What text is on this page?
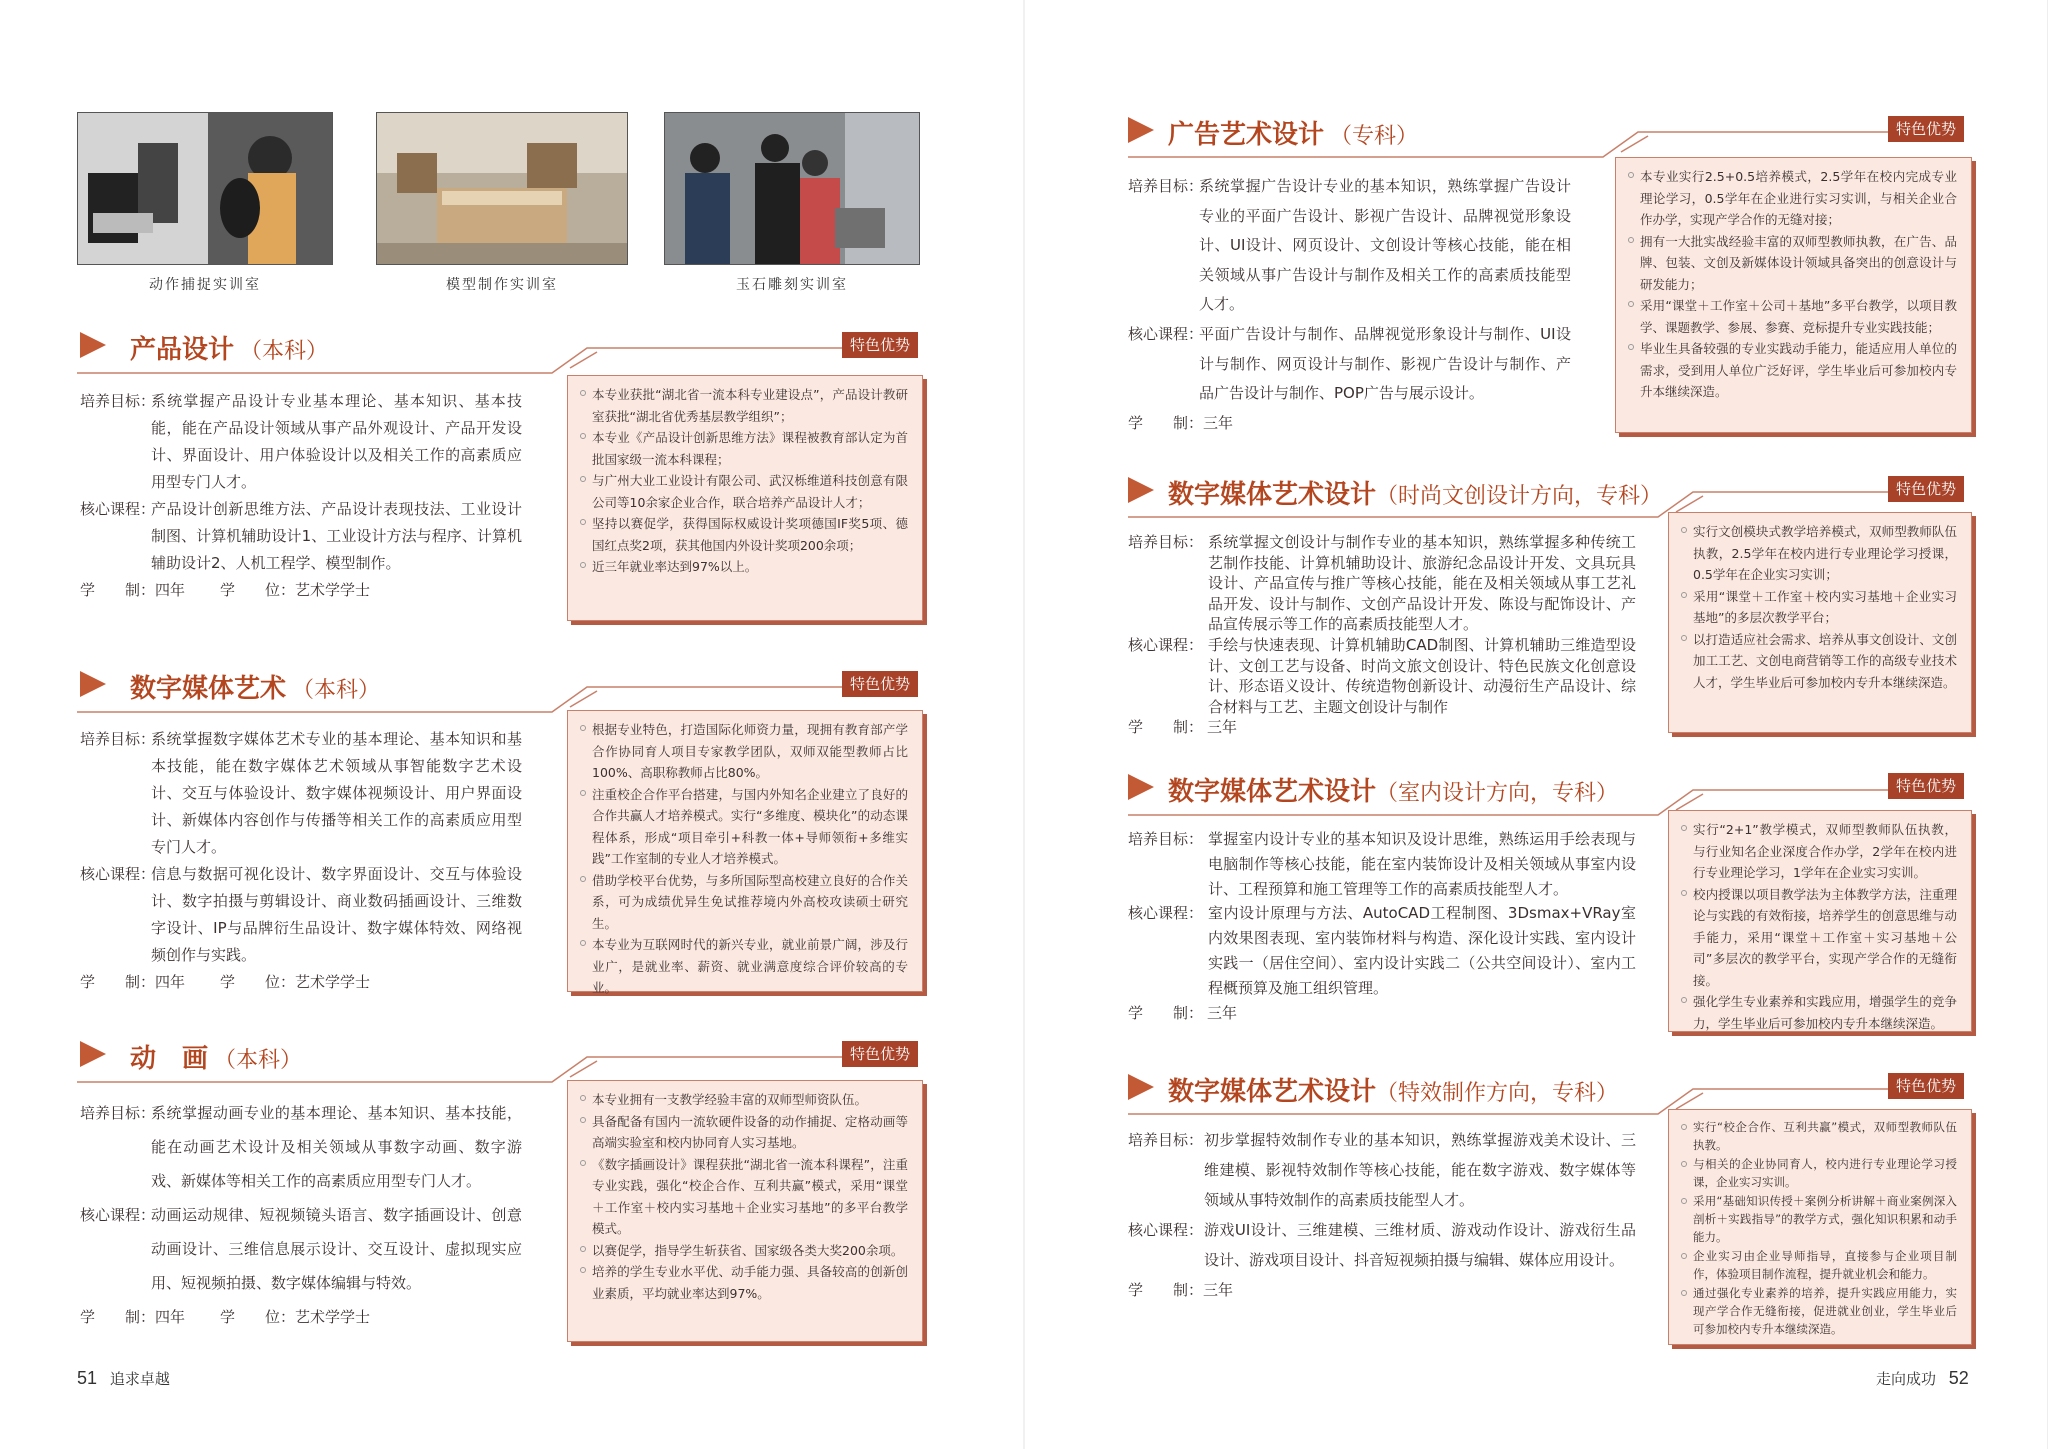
动作捕捉实训室	模型制作实训室	玉石雕刻实训室
产品设计 （本科）	特色优势
培养目标：
系统掌握产品设计专业基本理论、基本知识、基本技能，能在产品设计领域从事产品外观设计、产品开发设计、界面设计、用户体验设计以及相关工作的高素质应用型专门人才。
核心课程：
产品设计创新思维方法、产品设计表现技法、工业设计制图、计算机辅助设计1、工业设计方法与程序、计算机辅助设计2、人机工程学、模型制作。
学　　制： 四年 学　　位： 艺术学学士
本专业获批“湖北省一流本科专业建设点”，产品设计教研室获批“湖北省优秀基层教学组织”；
本专业《产品设计创新思维方法》课程被教育部认定为首批国家级一流本科课程；
与广州大业工业设计有限公司、武汉栎维道科技创意有限公司等10余家企业合作，联合培养产品设计人才；
坚持以赛促学，获得国际权威设计奖项德国IF奖5项、德国红点奖2项，获其他国内外设计奖项200余项；
近三年就业率达到97%以上。
数字媒体艺术 （本科）	特色优势
培养目标：
系统掌握数字媒体艺术专业的基本理论、基本知识和基本技能，能在数字媒体艺术领域从事智能数字艺术设计、交互与体验设计、数字媒体视频设计、用户界面设计、新媒体内容创作与传播等相关工作的高素质应用型专门人才。
核心课程：
信息与数据可视化设计、数字界面设计、交互与体验设计、数字拍摄与剪辑设计、商业数码插画设计、三维数字设计、IP与品牌衍生品设计、数字媒体特效、网络视频创作与实践。
学　　制： 四年 学　　位： 艺术学学士
根据专业特色，打造国际化师资力量，现拥有教育部产学合作协同育人项目专家教学团队，双师双能型教师占比100%、高职称教师占比80%。
注重校企合作平台搭建，与国内外知名企业建立了良好的合作共赢人才培养模式。实行“多维度、模块化”的动态课程体系，形成“项目牵引+科教一体+导师领衔+多维实践”工作室制的专业人才培养模式。
借助学校平台优势，与多所国际型高校建立良好的合作关系，可为成绩优异生免试推荐境内外高校攻读硕士研究生。
本专业为互联网时代的新兴专业，就业前景广阔，涉及行业广，是就业率、薪资、就业满意度综合评价较高的专业。
动　画 （本科）	特色优势
培养目标：
系统掌握动画专业的基本理论、基本知识、基本技能，能在动画艺术设计及相关领域从事数字动画、数字游戏、新媒体等相关工作的高素质应用型专门人才。
核心课程：
动画运动规律、短视频镜头语言、数字插画设计、创意动画设计、三维信息展示设计、交互设计、虚拟现实应用、短视频拍摄、数字媒体编辑与特效。
学　　制： 四年 学　　位： 艺术学学士
本专业拥有一支教学经验丰富的双师型师资队伍。
具备配备有国内一流软硬件设备的动作捕捉、定格动画等高端实验室和校内协同育人实习基地。
《数字插画设计》课程获批“湖北省一流本科课程”，注重专业实践，强化“校企合作、互利共赢”模式，采用“课堂＋工作室＋校内实习基地＋企业实习基地”的多平台教学模式。
以赛促学，指导学生斩获省、国家级各类大奖200余项。
培养的学生专业水平优、动手能力强、具备较高的创新创业素质，平均就业率达到97%。
51 追求卓越
广告艺术设计 （专科）	特色优势
培养目标：
系统掌握广告设计专业的基本知识，熟练掌握广告设计专业的平面广告设计、影视广告设计、品牌视觉形象设计、UI设计、网页设计、文创设计等核心技能，能在相关领域从事广告设计与制作及相关工作的高素质技能型人才。
核心课程：
平面广告设计与制作、品牌视觉形象设计与制作、UI设计与制作、网页设计与制作、影视广告设计与制作、产品广告设计与制作、POP广告与展示设计。
学　　制： 三年
本专业实行2.5+0.5培养模式，2.5学年在校内完成专业理论学习，0.5学年在企业进行实习实训，与相关企业合作办学，实现产学合作的无缝对接；
拥有一大批实战经验丰富的双师型教师执教，在广告、品牌、包装、文创及新媒体设计领域具备突出的创意设计与研发能力；
采用“课堂＋工作室＋公司＋基地”多平台教学，以项目教学、课题教学、参展、参赛、竞标提升专业实践技能；
毕业生具备较强的专业实践动手能力，能适应用人单位的需求，受到用人单位广泛好评，学生毕业后可参加校内专升本继续深造。
数字媒体艺术设计（时尚文创设计方向，专科）	特色优势
培养目标： 系统掌握文创设计与制作专业的基本知识，熟练掌握多种传统工艺制作技能、计算机辅助设计、旅游纪念品设计开发、文具玩具设计、产品宣传与推广等核心技能，能在及相关领域从事工艺礼品开发、设计与制作、文创产品设计开发、陈设与配饰设计、产品宣传展示等工作的高素质技能型人才。
核心课程： 手绘与快速表现、计算机辅助CAD制图、计算机辅助三维造型设计、文创工艺与设备、时尚文旅文创设计、特色民族文化创意设计、形态语义设计、传统造物创新设计、动漫衍生产品设计、综合材料与工艺、主题文创设计与制作
学　　制： 三年
实行文创模块式教学培养模式，双师型教师队伍执教，2.5学年在校内进行专业理论学习授课，0.5学年在企业实习实训；
采用“课堂＋工作室＋校内实习基地＋企业实习基地”的多层次教学平台；
以打造适应社会需求、培养从事文创设计、文创加工工艺、文创电商营销等工作的高级专业技术人才，学生毕业后可参加校内专升本继续深造。
数字媒体艺术设计（室内设计方向，专科）	特色优势
培养目标： 掌握室内设计专业的基本知识及设计思维，熟练运用手绘表现与电脑制作等核心技能，能在室内装饰设计及相关领域从事室内设计、工程预算和施工管理等工作的高素质技能型人才。
核心课程： 室内设计原理与方法、AutoCAD工程制图、3Dsmax+VRay室内效果图表现、室内装饰材料与构造、深化设计实践、室内设计实践一（居住空间）、室内设计实践二（公共空间设计）、室内工程概预算及施工组织管理。
学　　制： 三年
实行“2+1”教学模式，双师型教师队伍执教，与行业知名企业深度合作办学，2学年在校内进行专业理论学习，1学年在企业实习实训。
校内授课以项目教学法为主体教学方法，注重理论与实践的有效衔接，培养学生的创意思维与动手能力，采用“课堂＋工作室＋实习基地＋公司”多层次的教学平台，实现产学合作的无缝衔接。
强化学生专业素养和实践应用，增强学生的竞争力，学生毕业后可参加校内专升本继续深造。
数字媒体艺术设计（特效制作方向，专科）	特色优势
培养目标： 初步掌握特效制作专业的基本知识，熟练掌握游戏美术设计、三维建模、影视特效制作等核心技能，能在数字游戏、数字媒体等领域从事特效制作的高素质技能型人才。
核心课程： 游戏UI设计、三维建模、三维材质、游戏动作设计、游戏衍生品设计、游戏项目设计、抖音短视频拍摄与编辑、媒体应用设计。
学　　制： 三年
实行“校企合作、互利共赢”模式，双师型教师队伍执教。
与相关的企业协同育人，校内进行专业理论学习授课，企业实习实训。
采用“基础知识传授＋案例分析讲解＋商业案例深入剖析＋实践指导”的教学方式，强化知识积累和动手能力。
企业实习由企业导师指导，直接参与企业项目制作，体验项目制作流程，提升就业机会和能力。
通过强化专业素养的培养，提升实践应用能力，实现产学合作无缝衔接，促进就业创业，学生毕业后可参加校内专升本继续深造。
走向成功 52
